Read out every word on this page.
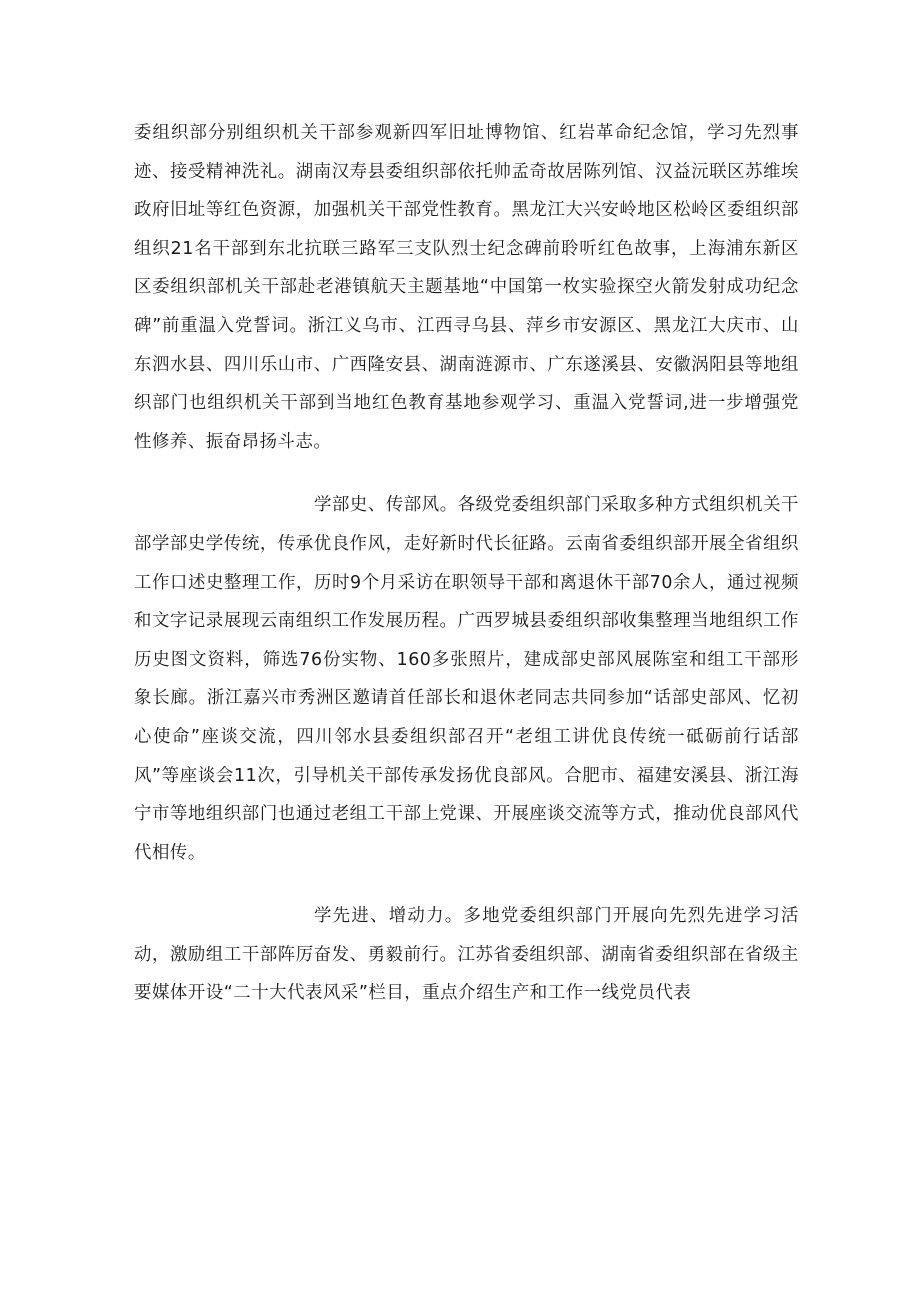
委组织部分别组织机关干部参观新四军旧址博物馆、红岩革命纪念馆，学习先烈事迹、接受精神洗礼。湖南汉寿县委组织部依托帅孟奇故居陈列馆、汉益沅联区苏维埃政府旧址等红色资源，加强机关干部党性教育。黑龙江大兴安岭地区松岭区委组织部组织21名干部到东北抗联三路军三支队烈士纪念碑前聆听红色故事，上海浦东新区区委组织部机关干部赴老港镇航天主题基地“中国第一枚实验探空火箭发射成功纪念碑”前重温入党誓词。浙江义乌市、江西寻乌县、萍乡市安源区、黑龙江大庆市、山东泗水县、四川乐山市、广西隆安县、湖南涟源市、广东遂溪县、安徽涡阳县等地组织部门也组织机关干部到当地红色教育基地参观学习、重温入党誓词,进一步增强党性修养、振奋昂扬斗志。

学部史、传部风。各级党委组织部门采取多种方式组织机关干部学部史学传统，传承优良作风，走好新时代长征路。云南省委组织部开展全省组织工作口述史整理工作，历时9个月采访在职领导干部和离退休干部70余人，通过视频和文字记录展现云南组织工作发展历程。广西罗城县委组织部收集整理当地组织工作历史图文资料，筛选76份实物、160多张照片，建成部史部风展陈室和组工干部形象长廊。浙江嘉兴市秀洲区邀请首任部长和退休老同志共同参加“话部史部风、忆初心使命”座谈交流，四川邻水县委组织部召开“老组工讲优良传统一砥砺前行话部风”等座谈会11次，引导机关干部传承发扬优良部风。合肥市、福建安溪县、浙江海宁市等地组织部门也通过老组工干部上党课、开展座谈交流等方式，推动优良部风代代相传。

学先进、增动力。多地党委组织部门开展向先烈先进学习活动，激励组工干部阵厉奋发、勇毅前行。江苏省委组织部、湖南省委组织部在省级主要媒体开设“二十大代表风采”栏目，重点介绍生产和工作一线党员代表
